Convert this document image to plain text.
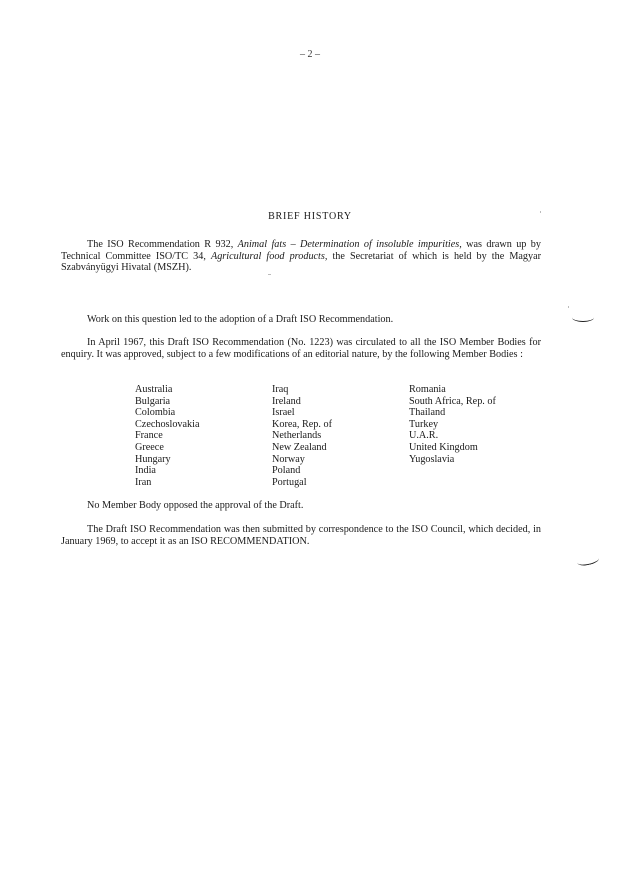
– 2 –
BRIEF HISTORY

The ISO Recommendation R 932, Animal fats – Determination of insoluble impurities, was drawn up by Technical Committee ISO/TC 34, Agricultural food products, the Secretariat of which is held by the Magyar Szabványügyi Hivatal (MSZH).

Work on this question led to the adoption of a Draft ISO Recommendation.

In April 1967, this Draft ISO Recommendation (No. 1223) was circulated to all the ISO Member Bodies for enquiry. It was approved, subject to a few modifications of an editorial nature, by the following Member Bodies :

Australia
Bulgaria
Colombia
Czechoslovakia
France
Greece
Hungary
India
Iran
Iraq
Ireland
Israel
Korea, Rep. of
Netherlands
New Zealand
Norway
Poland
Portugal
Romania
South Africa, Rep. of
Thailand
Turkey
U.A.R.
United Kingdom
Yugoslavia

No Member Body opposed the approval of the Draft.

The Draft ISO Recommendation was then submitted by correspondence to the ISO Council, which decided, in January 1969, to accept it as an ISO RECOMMENDATION.
